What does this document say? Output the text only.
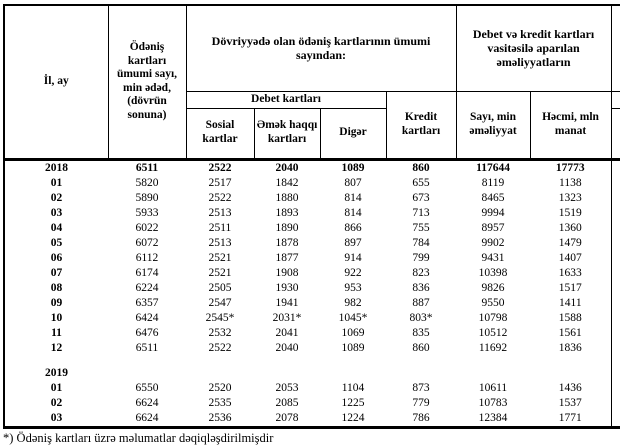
İl, ay	Ödəniş kartları ümumi sayı, min ədəd, (dövrün sonuna)	Dövriyyədə olan ödəniş kartlarının ümumi sayından:				Debet və kredit kartları vasitəsilə aparılan əməliyyatların		
		Debet kartları			Kredit kartları	Sayı, min əməliyyat	Həcmi, mln manat	
		Sosial kartlar	Əmək haqqı kartları	Digər				
2018	6511	2522	2040	1089	860	117644	17773	
01	5820	2517	1842	807	655	8119	1138	
02	5890	2522	1880	814	673	8465	1323	
03	5933	2513	1893	814	713	9994	1519	
04	6022	2511	1890	866	755	8957	1360	
05	6072	2513	1878	897	784	9902	1479	
06	6112	2521	1877	914	799	9431	1407	
07	6174	2521	1908	922	823	10398	1633	
08	6224	2505	1930	953	836	9826	1517	
09	6357	2547	1941	982	887	9550	1411	
10	6424	2545*	2031*	1045*	803*	10798	1588	
11	6476	2532	2041	1069	835	10512	1561	
12	6511	2522	2040	1089	860	11692	1836	

2019								
01	6550	2520	2053	1104	873	10611	1436	
02	6624	2535	2085	1225	779	10783	1537	
03	6624	2536	2078	1224	786	12384	1771	
*) Ödəniş kartları üzrə məlumatlar dəqiqləşdirilmişdir
